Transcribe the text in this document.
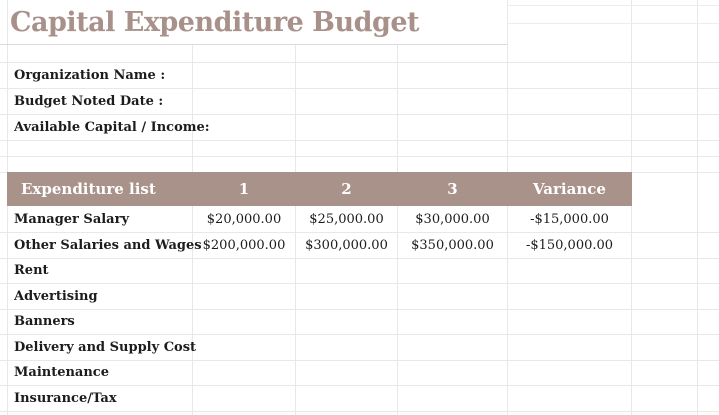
Capital Expenditure Budget
Organization Name :
Budget Noted Date :
Available Capital / Income:
Expenditure list	1	2	3	Variance
Manager Salary	$20,000.00	$25,000.00	$30,000.00	-$15,000.00
Other Salaries and Wages $200,000.00	$300,000.00	$350,000.00	-$150,000.00
Rent
Advertising
Banners
Delivery and Supply Cost
Maintenance
Insurance/Tax
